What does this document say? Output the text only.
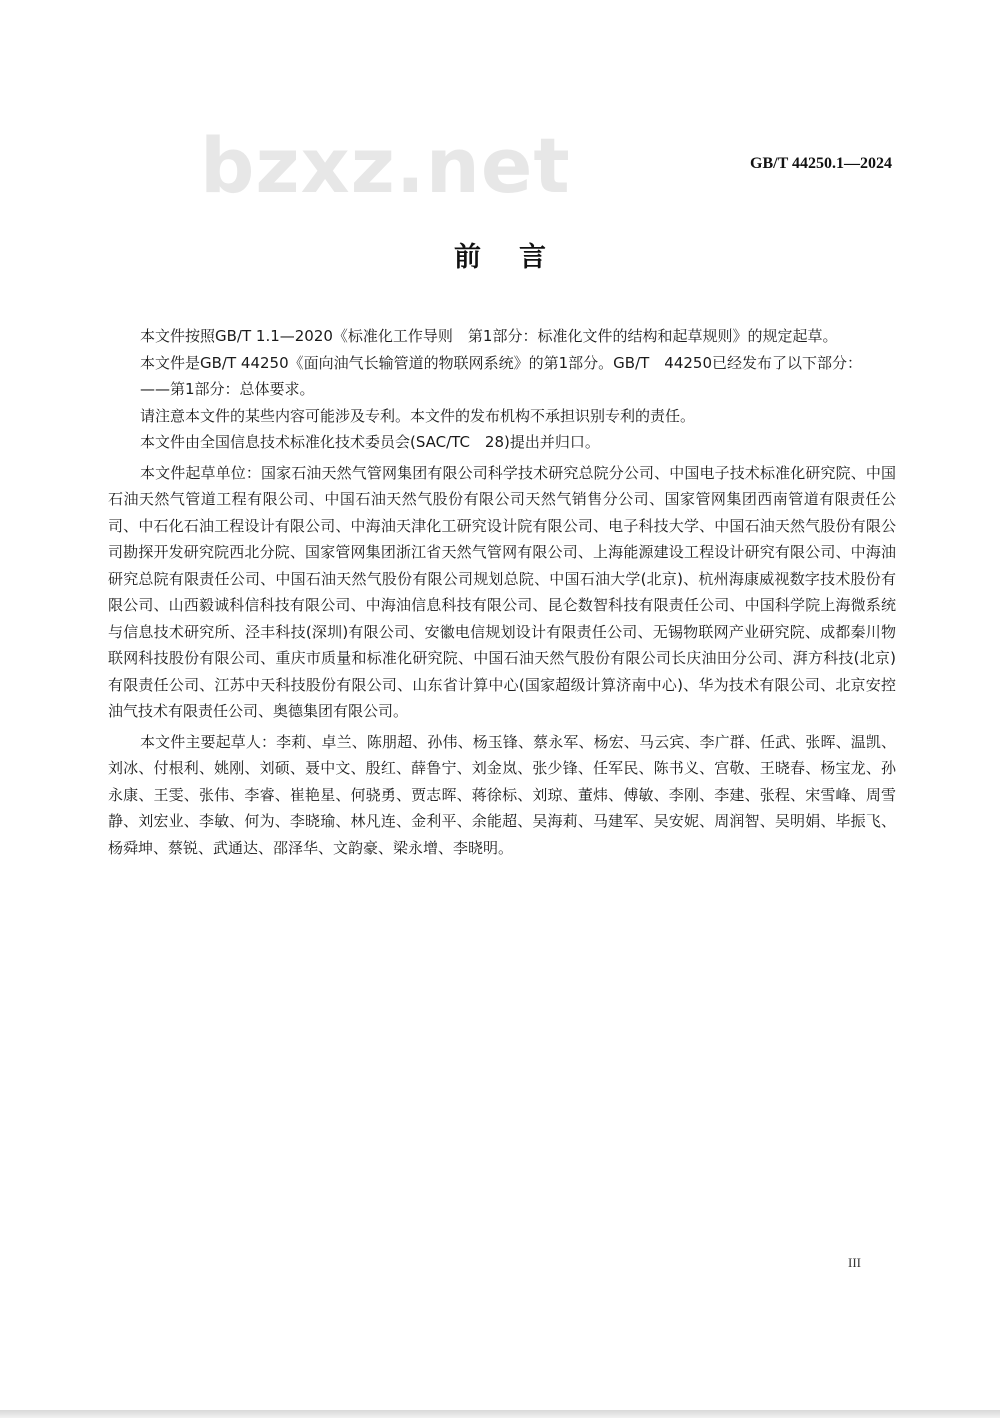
bzxz.net	GB/T 44250.1—2024
前言

本文件按照GB/T 1.1—2020《标准化工作导则　第1部分：标准化文件的结构和起草规则》的规定起草。

本文件是GB/T 44250《面向油气长输管道的物联网系统》的第1部分。GB/T　44250已经发布了以下部分：

——第1部分：总体要求。

请注意本文件的某些内容可能涉及专利。本文件的发布机构不承担识别专利的责任。

本文件由全国信息技术标准化技术委员会(SAC/TC　28)提出并归口。

本文件起草单位：国家石油天然气管网集团有限公司科学技术研究总院分公司、中国电子技术标准化研究院、中国石油天然气管道工程有限公司、中国石油天然气股份有限公司天然气销售分公司、国家管网集团西南管道有限责任公司、中石化石油工程设计有限公司、中海油天津化工研究设计院有限公司、电子科技大学、中国石油天然气股份有限公司勘探开发研究院西北分院、国家管网集团浙江省天然气管网有限公司、上海能源建设工程设计研究有限公司、中海油研究总院有限责任公司、中国石油天然气股份有限公司规划总院、中国石油大学(北京)、杭州海康威视数字技术股份有限公司、山西毅诚科信科技有限公司、中海油信息科技有限公司、昆仑数智科技有限责任公司、中国科学院上海微系统与信息技术研究所、泾丰科技(深圳)有限公司、安徽电信规划设计有限责任公司、无锡物联网产业研究院、成都秦川物联网科技股份有限公司、重庆市质量和标准化研究院、中国石油天然气股份有限公司长庆油田分公司、湃方科技(北京)有限责任公司、江苏中天科技股份有限公司、山东省计算中心(国家超级计算济南中心)、华为技术有限公司、北京安控油气技术有限责任公司、奥德集团有限公司。

本文件主要起草人：李莉、卓兰、陈朋超、孙伟、杨玉锋、蔡永军、杨宏、马云宾、李广群、任武、张晖、温凯、刘冰、付根利、姚刚、刘硕、聂中文、殷红、薛鲁宁、刘金岚、张少锋、任军民、陈书义、宫敬、王晓春、杨宝龙、孙永康、王雯、张伟、李睿、崔艳星、何骁勇、贾志晖、蒋徐标、刘琼、董炜、傅敏、李刚、李建、张程、宋雪峰、周雪静、刘宏业、李敏、何为、李晓瑜、林凡连、金利平、余能超、吴海莉、马建军、吴安妮、周润智、吴明娟、毕振飞、杨舜坤、蔡锐、武通达、邵泽华、文韵豪、梁永增、李晓明。

III
